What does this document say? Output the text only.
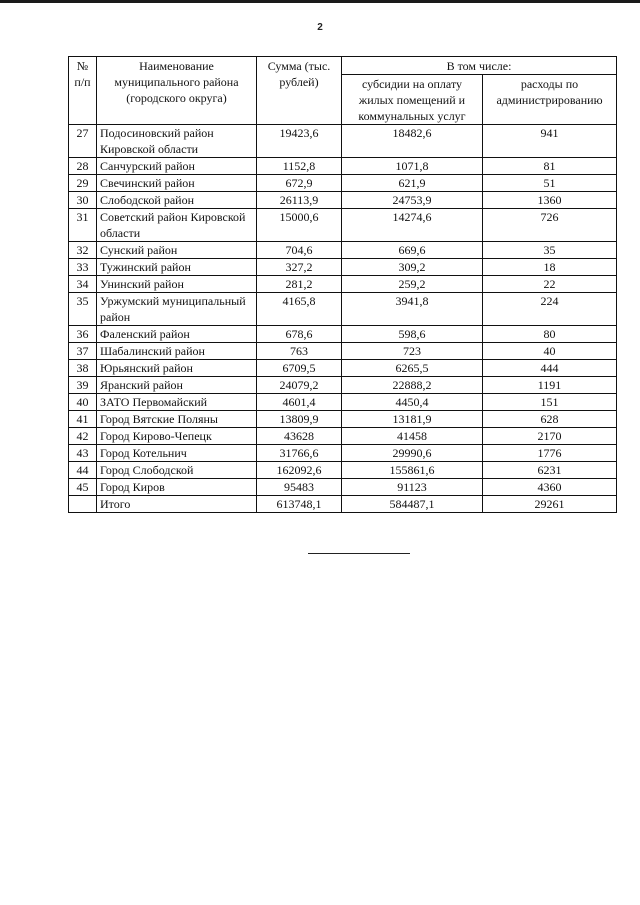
2
№ п/п	Наименование муниципального района (городского округа)	Сумма (тыс. рублей)	В том числе:	
			субсидии на оплату жилых помещений и коммунальных услуг	расходы по администрированию
27	Подосиновский район Кировской области	19423,6	18482,6	941
28	Санчурский район	1152,8	1071,8	81
29	Свечинский район	672,9	621,9	51
30	Слободской район	26113,9	24753,9	1360
31	Советский район Кировской области	15000,6	14274,6	726
32	Сунский район	704,6	669,6	35
33	Тужинский район	327,2	309,2	18
34	Унинский район	281,2	259,2	22
35	Уржумский муниципальный район	4165,8	3941,8	224
36	Фаленский район	678,6	598,6	80
37	Шабалинский район	763	723	40
38	Юрьянский район	6709,5	6265,5	444
39	Яранский район	24079,2	22888,2	1191
40	ЗАТО Первомайский	4601,4	4450,4	151
41	Город Вятские Поляны	13809,9	13181,9	628
42	Город Кирово-Чепецк	43628	41458	2170
43	Город Котельнич	31766,6	29990,6	1776
44	Город Слободской	162092,6	155861,6	6231
45	Город Киров	95483	91123	4360
	Итого	613748,1	584487,1	29261
